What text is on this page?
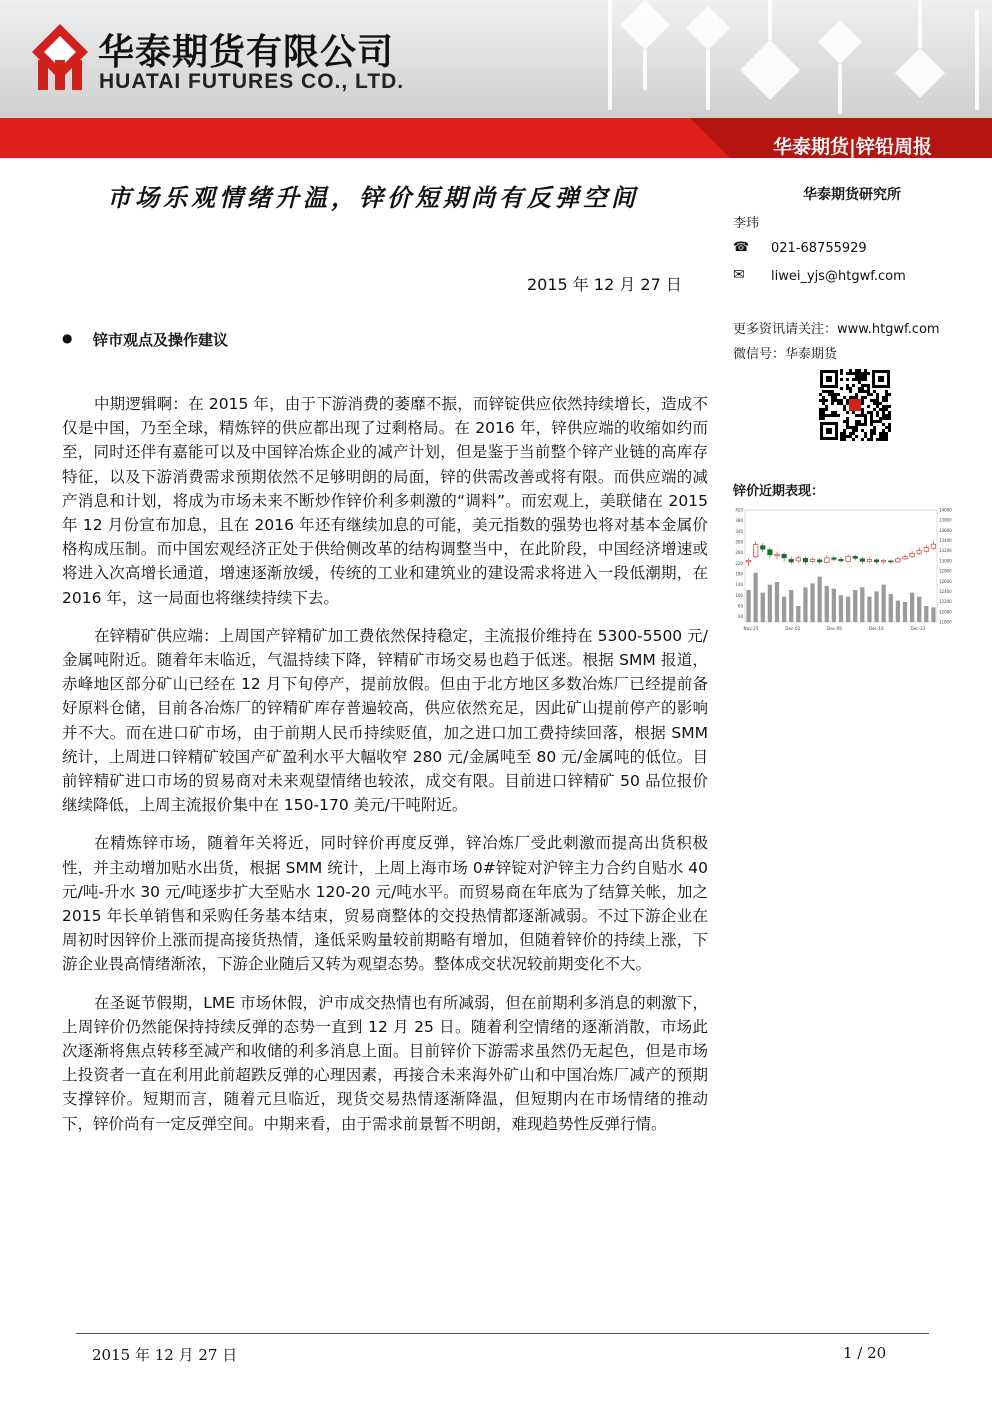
华泰期货有限公司
HUATAI FUTURES CO., LTD.
华泰期货|锌铅周报
市场乐观情绪升温，锌价短期尚有反弹空间
2015 年 12 月 27 日
● 锌市观点及操作建议

中期逻辑啊：在 2015 年，由于下游消费的萎靡不振，而锌锭供应依然持续增长，造成不仅是中国，乃至全球，精炼锌的供应都出现了过剩格局。在 2016 年，锌供应端的收缩如约而至，同时还伴有嘉能可以及中国锌冶炼企业的减产计划，但是鉴于当前整个锌产业链的高库存特征，以及下游消费需求预期依然不足够明朗的局面，锌的供需改善或将有限。而供应端的减产消息和计划，将成为市场未来不断炒作锌价利多刺激的“调料”。而宏观上，美联储在 2015 年 12 月份宣布加息，且在 2016 年还有继续加息的可能，美元指数的强势也将对基本金属价格构成压制。而中国宏观经济正处于供给侧改革的结构调整当中，在此阶段，中国经济增速或将进入次高增长通道，增速逐渐放缓，传统的工业和建筑业的建设需求将进入一段低潮期，在 2016 年，这一局面也将继续持续下去。

在锌精矿供应端：上周国产锌精矿加工费依然保持稳定，主流报价维持在 5300-5500 元/金属吨附近。随着年末临近，气温持续下降，锌精矿市场交易也趋于低迷。根据 SMM 报道，赤峰地区部分矿山已经在 12 月下旬停产，提前放假。但由于北方地区多数冶炼厂已经提前备好原料仓储，目前各冶炼厂的锌精矿库存普遍较高，供应依然充足，因此矿山提前停产的影响并不大。而在进口矿市场，由于前期人民币持续贬值，加之进口加工费持续回落，根据 SMM 统计，上周进口锌精矿较国产矿盈利水平大幅收窄 280 元/金属吨至 80 元/金属吨的低位。目前锌精矿进口市场的贸易商对未来观望情绪也较浓，成交有限。目前进口锌精矿 50 品位报价继续降低，上周主流报价集中在 150-170 美元/干吨附近。

在精炼锌市场，随着年关将近，同时锌价再度反弹，锌冶炼厂受此刺激而提高出货积极性，并主动增加贴水出货，根据 SMM 统计，上周上海市场 0#锌锭对沪锌主力合约自贴水 40 元/吨-升水 30 元/吨逐步扩大至贴水 120-20 元/吨水平。而贸易商在年底为了结算关帐，加之 2015 年长单销售和采购任务基本结束，贸易商整体的交投热情都逐渐减弱。不过下游企业在周初时因锌价上涨而提高接货热情，逢低采购量较前期略有增加，但随着锌价的持续上涨，下游企业畏高情绪渐浓，下游企业随后又转为观望态势。整体成交状况较前期变化不大。

在圣诞节假期，LME 市场休假，沪市成交热情也有所减弱，但在前期利多消息的刺激下，上周锌价仍然能保持持续反弹的态势一直到 12 月 25 日。随着利空情绪的逐渐消散，市场此次逐渐将焦点转移至减产和收储的利多消息上面。目前锌价下游需求虽然仍无起色，但是市场上投资者一直在利用此前超跌反弹的心理因素，再接合未来海外矿山和中国冶炼厂减产的预期支撑锌价。短期而言，随着元旦临近，现货交易热情逐渐降温，但短期内在市场情绪的推动下，锌价尚有一定反弹空间。中期来看，由于需求前景暂不明朗，难现趋势性反弹行情。

华泰期货研究所
李玮
☎ 021-68755929
✉ liwei_yjs@htgwf.com
更多资讯请关注：www.htgwf.com
微信号：华泰期货
锌价近期表现：
420
380
340
300
260
220
180
140
100
60
20
14000
13800
13600
13400
13200
13000
12800
12600
12400
12200
12000
11800
Nov-25	Dec-02	Dec-09	Dec-16	Dec-23
2015 年 12 月 27 日	1 / 20
